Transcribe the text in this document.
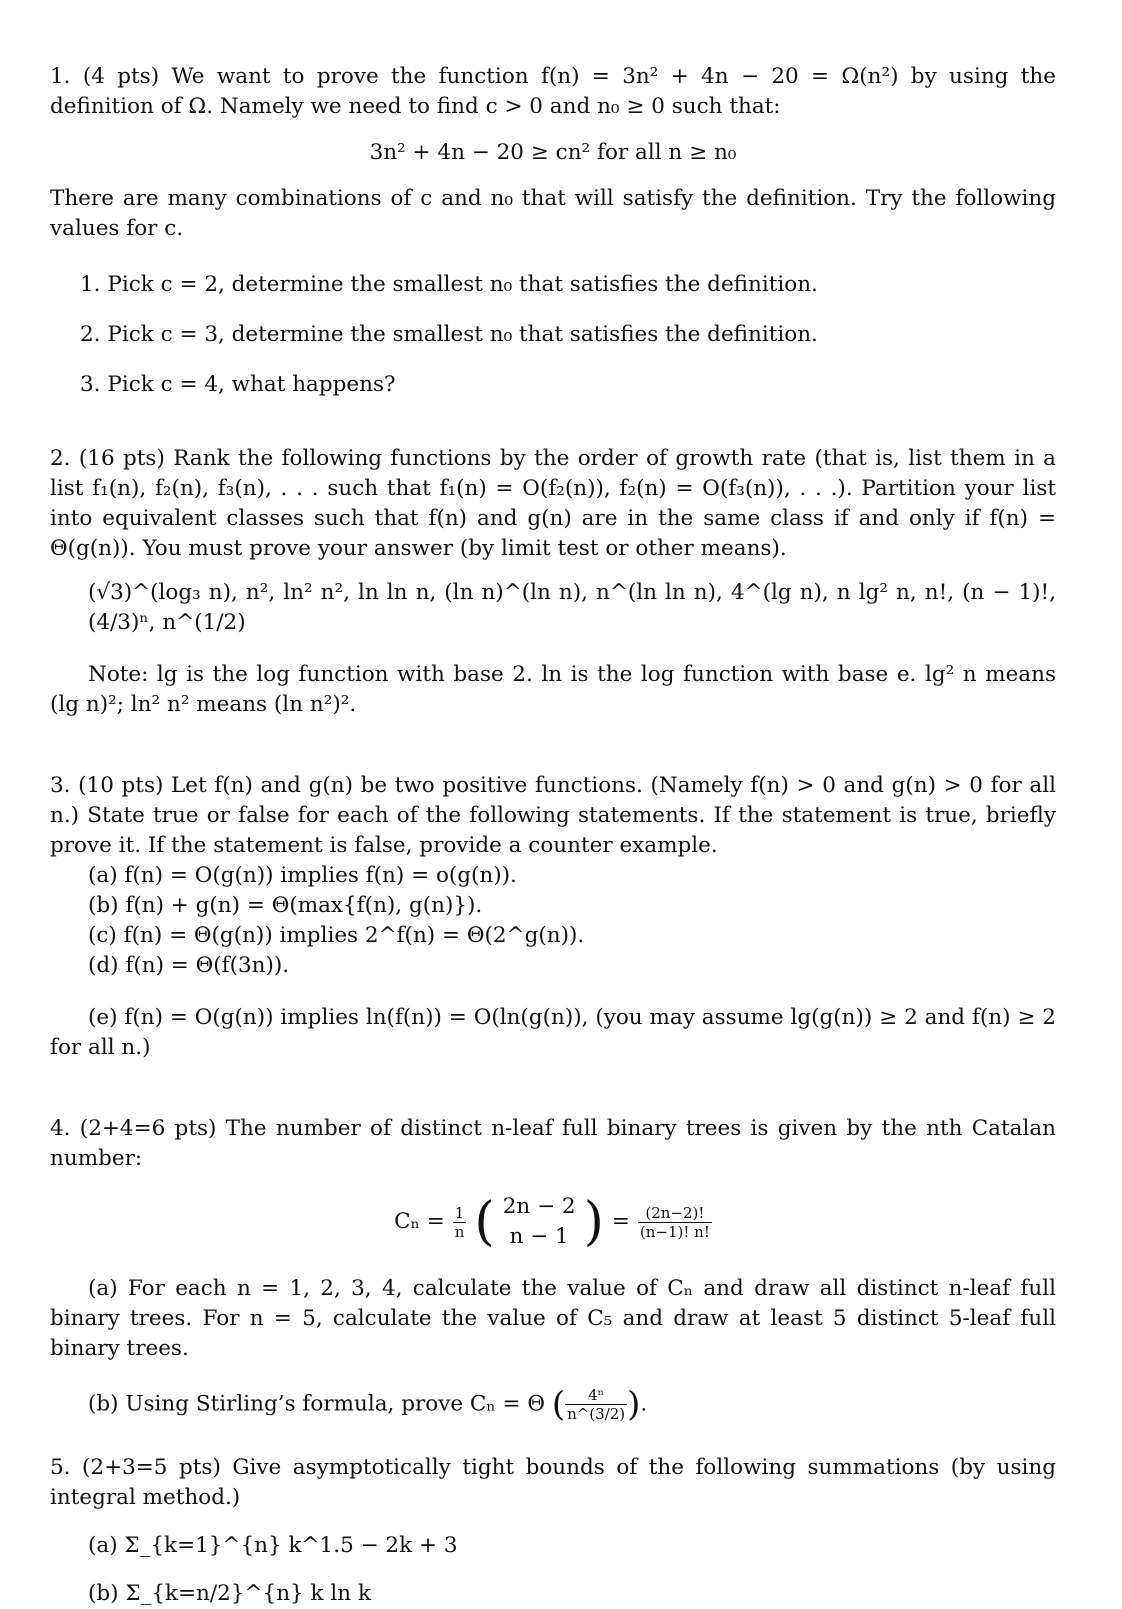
1. (4 pts) We want to prove the function f(n) = 3n² + 4n − 20 = Ω(n²) by using the definition of Ω. Namely we need to find c > 0 and n₀ ≥ 0 such that:

3n² + 4n − 20 ≥ cn² for all n ≥ n₀

There are many combinations of c and n₀ that will satisfy the definition. Try the following values for c.

1. Pick c = 2, determine the smallest n₀ that satisfies the definition.

2. Pick c = 3, determine the smallest n₀ that satisfies the definition.

3. Pick c = 4, what happens?

2. (16 pts) Rank the following functions by the order of growth rate (that is, list them in a list f₁(n), f₂(n), f₃(n), . . . such that f₁(n) = O(f₂(n)), f₂(n) = O(f₃(n)), . . .). Partition your list into equivalent classes such that f(n) and g(n) are in the same class if and only if f(n) = Θ(g(n)). You must prove your answer (by limit test or other means).

(√3)^(log₃ n), n², ln² n², ln ln n, (ln n)^(ln n), n^(ln ln n), 4^(lg n), n lg² n, n!, (n − 1)!, (4/3)ⁿ, n^(1/2)

Note: lg is the log function with base 2. ln is the log function with base e. lg² n means (lg n)²; ln² n² means (ln n²)².

3. (10 pts) Let f(n) and g(n) be two positive functions. (Namely f(n) > 0 and g(n) > 0 for all n.) State true or false for each of the following statements. If the statement is true, briefly prove it. If the statement is false, provide a counter example.

(a) f(n) = O(g(n)) implies f(n) = o(g(n)).

(b) f(n) + g(n) = Θ(max{f(n), g(n)}).

(c) f(n) = Θ(g(n)) implies 2^f(n) = Θ(2^g(n)).

(d) f(n) = Θ(f(3n)).

(e) f(n) = O(g(n)) implies ln(f(n)) = O(ln(g(n)), (you may assume lg(g(n)) ≥ 2 and f(n) ≥ 2 for all n.)

4. (2+4=6 pts) The number of distinct n-leaf full binary trees is given by the nth Catalan number:

$C_n = \frac{1}{n}$ ( 2n − 2
n − 1 ) = $\frac{(2n-2)!}{(n-1)! n!}$

(a) For each n = 1, 2, 3, 4, calculate the value of Cₙ and draw all distinct n-leaf full binary trees. For n = 5, calculate the value of C₅ and draw at least 5 distinct 5-leaf full binary trees.

(b) Using Stirling’s formula, prove Cₙ = Θ ( $\frac{\text{4ⁿ}}{n\^{}(3/2)}$ ).

5. (2+3=5 pts) Give asymptotically tight bounds of the following summations (by using integral method.)

(a) Σ_{k=1}^{n} k^1.5 − 2k + 3

(b) Σ_{k=n/2}^{n} k ln k
